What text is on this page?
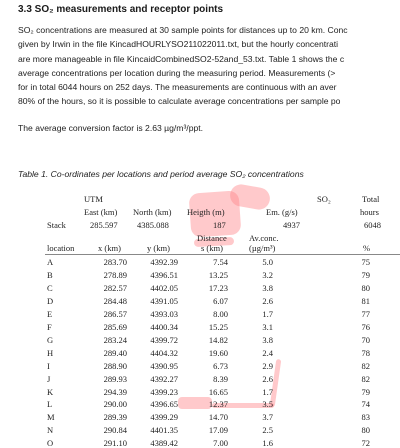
3.3 SO₂ measurements and receptor points
SO₂ concentrations are measured at 30 sample points for distances up to 20 km. Conc
given by Irwin in the file KincadHOURLYSO211022011.txt, but the hourly concentrati
are more manageable in file KincaidCombinedSO2-52and_53.txt. Table 1 shows the c
average concentrations per location during the measuring period. Measurements (>
for in total 6044 hours on 252 days. The measurements are continuous with an aver
80% of the hours, so it is possible to calculate average concentrations per sample po
The average conversion factor is 2.63 µg/m³/ppt.
Table 1. Co-ordinates per locations and period average SO₂ concentrations
UTM	SO₂	Total
East (km) North (km) Heigth (m)	Em. (g/s)	hours
Stack	285.597 4385.088	187	4937	6048
Distance	Av.conc.
location	x (km)	y (km)	s (km)	(µg/m³)	%
A	283.70	4392.39	7.54	5.0	75
B	278.89	4396.51	13.25	3.2	79
C	282.57	4402.05	17.23	3.8	80
D	284.48	4391.05	6.07	2.6	81
E	286.57	4393.03	8.00	1.7	77
F	285.69	4400.34	15.25	3.1	76
G	283.24	4399.72	14.82	3.8	70
H	289.40	4404.32	19.60	2.4	78
I	288.90	4390.95	6.73	2.9	82
J	289.93	4392.27	8.39	2.6	82
K	294.39	4399.23	16.65	1.7	79
L	290.00	4396.65	12.37	3.5	74
M	289.39	4399.29	14.70	3.7	83
N	290.84	4401.35	17.09	2.5	80
O	291.10	4389.42	7.00	1.6	72
